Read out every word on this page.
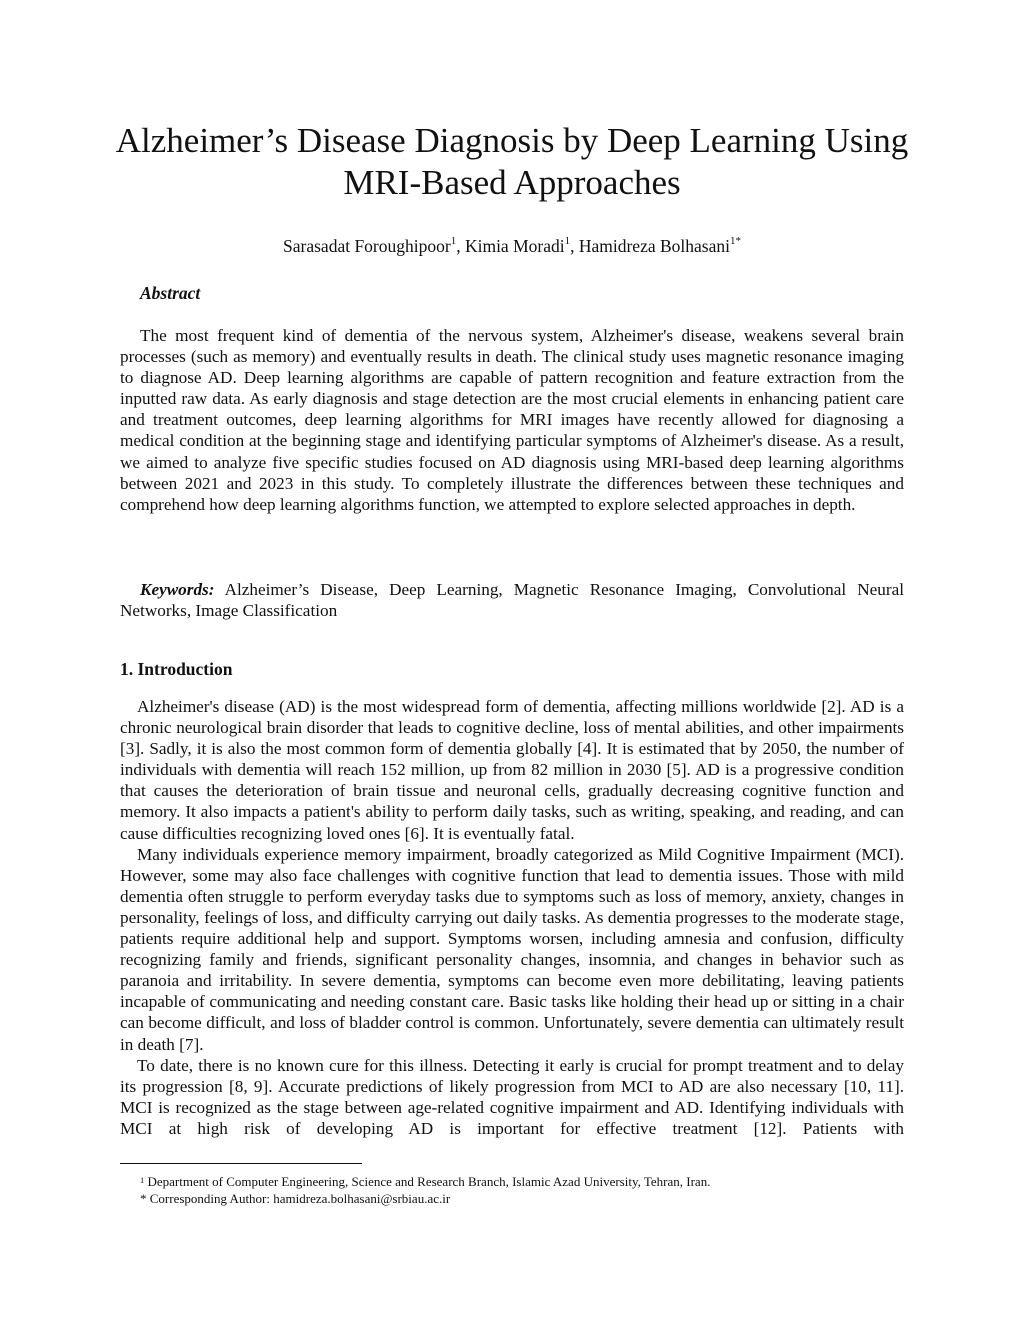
Alzheimer’s Disease Diagnosis by Deep Learning Using
MRI-Based Approaches
Sarasadat Foroughipoor$^1$, Kimia Moradi$^1$, Hamidreza Bolhasani$^{1*}$
Abstract

The most frequent kind of dementia of the nervous system, Alzheimer's disease, weakens several brain processes (such as memory) and eventually results in death. The clinical study uses magnetic resonance imaging to diagnose AD. Deep learning algorithms are capable of pattern recognition and feature extraction from the inputted raw data. As early diagnosis and stage detection are the most crucial elements in enhancing patient care and treatment outcomes, deep learning algorithms for MRI images have recently allowed for diagnosing a medical condition at the beginning stage and identifying particular symptoms of Alzheimer's disease. As a result, we aimed to analyze five specific studies focused on AD diagnosis using MRI-based deep learning algorithms between 2021 and 2023 in this study. To completely illustrate the differences between these techniques and comprehend how deep learning algorithms function, we attempted to explore selected approaches in depth.

Keywords: Alzheimer’s Disease, Deep Learning, Magnetic Resonance Imaging, Convolutional Neural Networks, Image Classification

1. Introduction

Alzheimer's disease (AD) is the most widespread form of dementia, affecting millions worldwide [2]. AD is a chronic neurological brain disorder that leads to cognitive decline, loss of mental abilities, and other impairments [3]. Sadly, it is also the most common form of dementia globally [4]. It is estimated that by 2050, the number of individuals with dementia will reach 152 million, up from 82 million in 2030 [5]. AD is a progressive condition that causes the deterioration of brain tissue and neuronal cells, gradually decreasing cognitive function and memory. It also impacts a patient's ability to perform daily tasks, such as writing, speaking, and reading, and can cause difficulties recognizing loved ones [6]. It is eventually fatal.

Many individuals experience memory impairment, broadly categorized as Mild Cognitive Impairment (MCI). However, some may also face challenges with cognitive function that lead to dementia issues. Those with mild dementia often struggle to perform everyday tasks due to symptoms such as loss of memory, anxiety, changes in personality, feelings of loss, and difficulty carrying out daily tasks. As dementia progresses to the moderate stage, patients require additional help and support. Symptoms worsen, including amnesia and confusion, difficulty recognizing family and friends, significant personality changes, insomnia, and changes in behavior such as paranoia and irritability. In severe dementia, symptoms can become even more debilitating, leaving patients incapable of communicating and needing constant care. Basic tasks like holding their head up or sitting in a chair can become difficult, and loss of bladder control is common. Unfortunately, severe dementia can ultimately result in death [7].

To date, there is no known cure for this illness. Detecting it early is crucial for prompt treatment and to delay its progression [8, 9]. Accurate predictions of likely progression from MCI to AD are also necessary [10, 11]. MCI is recognized as the stage between age-related cognitive impairment and AD. Identifying individuals with MCI at high risk of developing AD is important for effective treatment [12]. Patients with

$^1$ Department of Computer Engineering, Science and Research Branch, Islamic Azad University, Tehran, Iran.
* Corresponding Author: hamidreza.bolhasani@srbiau.ac.ir
